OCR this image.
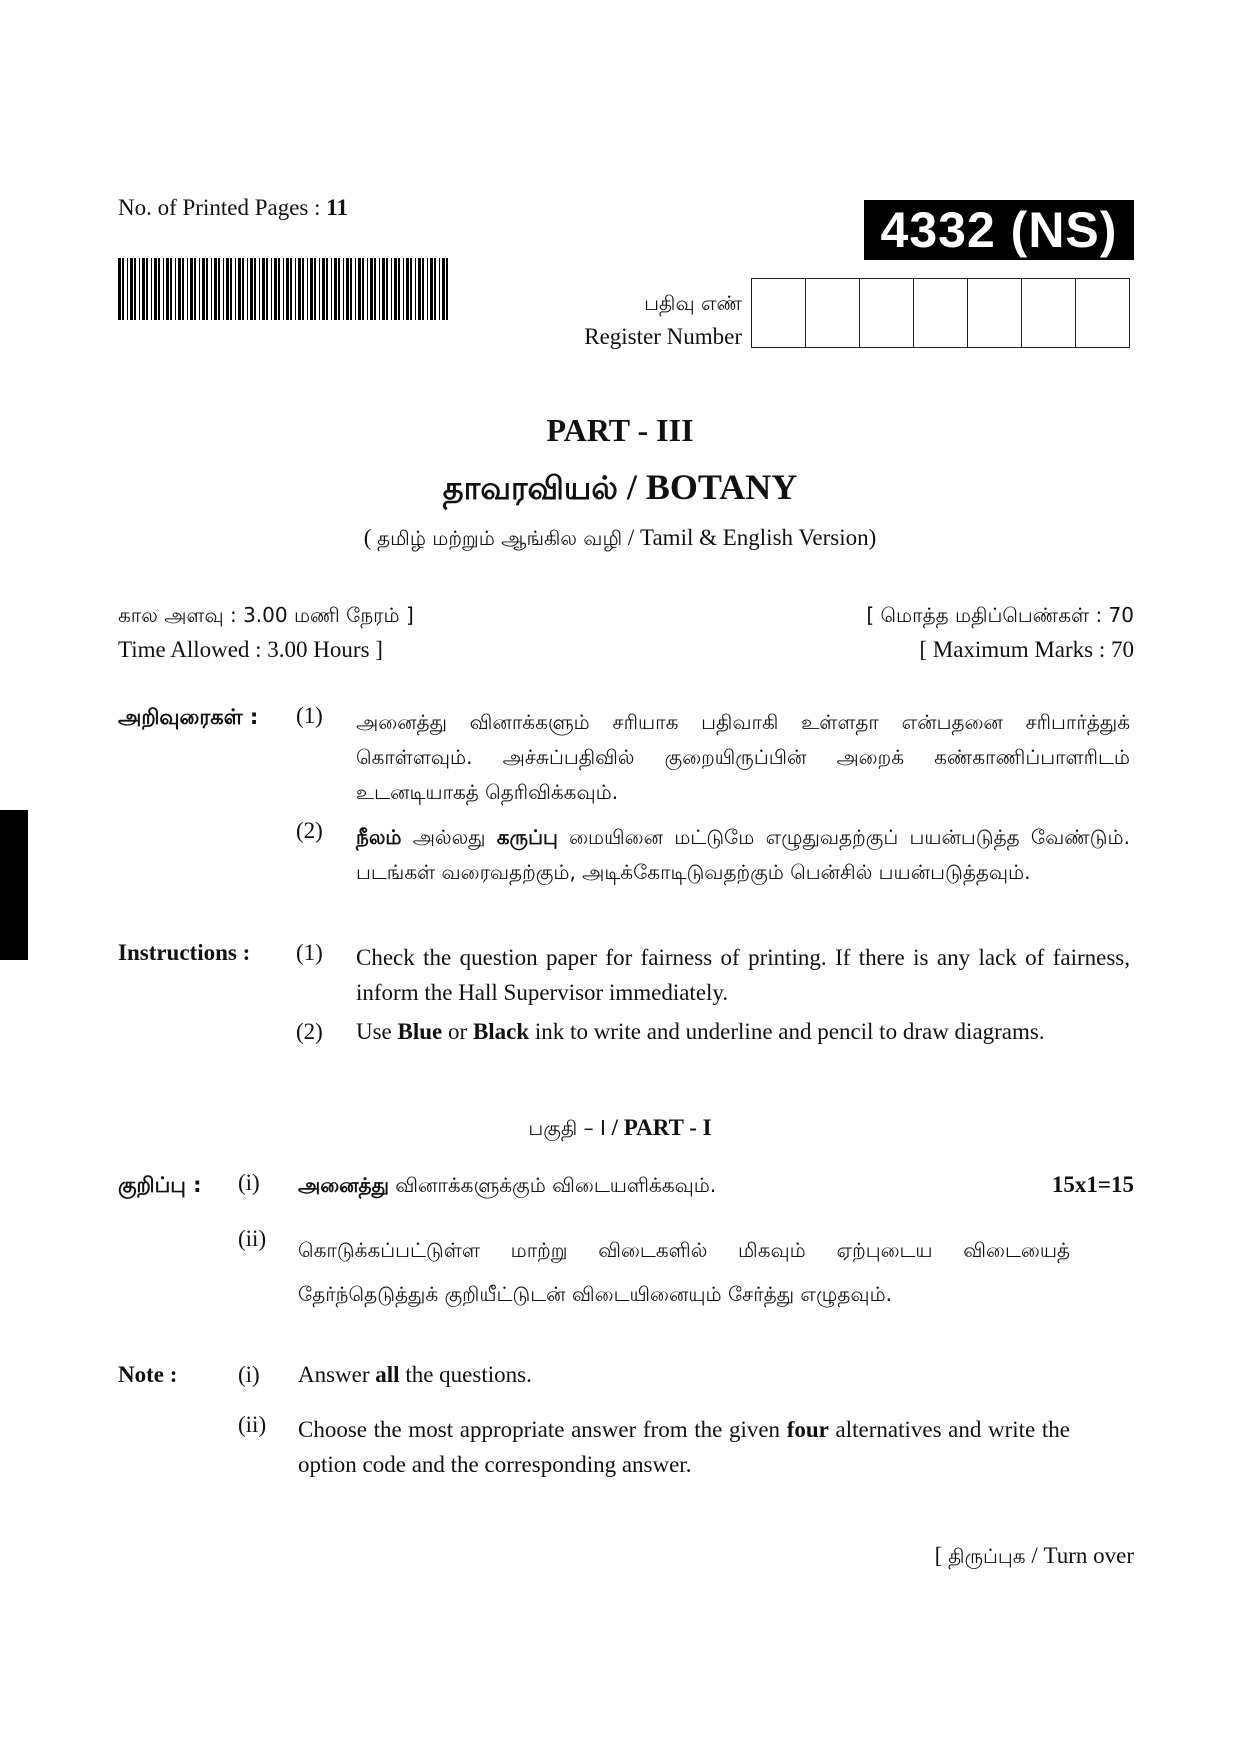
No. of Printed Pages : 11	4332 (NS)
பதிவு எண்
Register Number
PART - III
தாவரவியல் / BOTANY
( தமிழ் மற்றும் ஆங்கில வழி / Tamil & English Version)
கால அளவு : 3.00 மணி நேரம் ]
Time Allowed : 3.00 Hours ]
[ மொத்த மதிப்பெண்கள் : 70
[ Maximum Marks : 70
அறிவுரைகள் : (1) அனைத்து வினாக்களும் சரியாக பதிவாகி உள்ளதா என்பதனை சரிபார்த்துக் கொள்ளவும். அச்சுப்பதிவில் குறையிருப்பின் அறைக் கண்காணிப்பாளரிடம் உடனடியாகத் தெரிவிக்கவும்.
(2) நீலம் அல்லது கருப்பு மையினை மட்டுமே எழுதுவதற்குப் பயன்படுத்த வேண்டும். படங்கள் வரைவதற்கும், அடிக்கோடிடுவதற்கும் பென்சில் பயன்படுத்தவும்.
Instructions : (1) Check the question paper for fairness of printing. If there is any lack of fairness, inform the Hall Supervisor immediately.
(2) Use Blue or Black ink to write and underline and pencil to draw diagrams.
பகுதி – I / PART - I
குறிப்பு : (i) அனைத்து வினாக்களுக்கும் விடையளிக்கவும்.	15x1=15
(ii) கொடுக்கப்பட்டுள்ள மாற்று விடைகளில் மிகவும் ஏற்புடைய விடையைத் தேர்ந்தெடுத்துக் குறியீட்டுடன் விடையினையும் சேர்த்து எழுதவும்.
Note :	(i) Answer all the questions.
(ii) Choose the most appropriate answer from the given four alternatives and write the option code and the corresponding answer.
[ திருப்புக / Turn over
